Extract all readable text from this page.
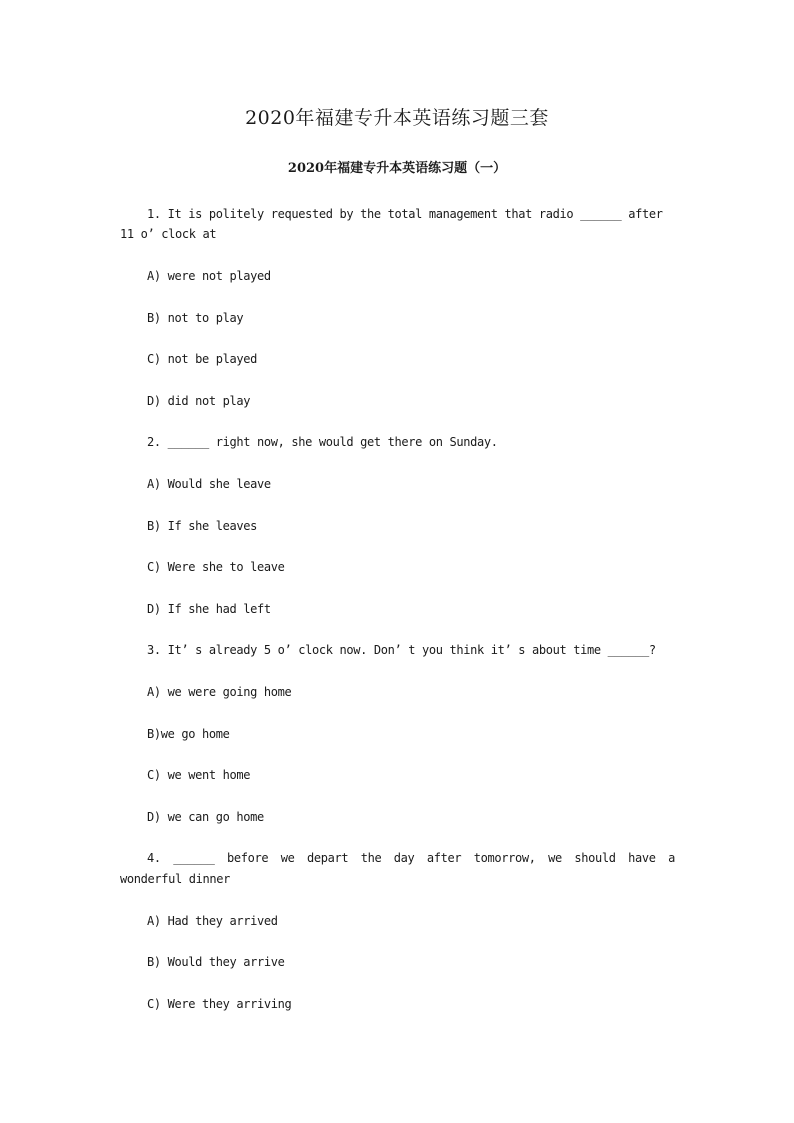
2020年福建专升本英语练习题三套
2020年福建专升本英语练习题（一）
1. It is politely requested by the total management that radio ______ after
11 o’ clock at
A) were not played
B) not to play
C) not be played
D) did not play
2. ______ right now, she would get there on Sunday.
A) Would she leave
B) If she leaves
C) Were she to leave
D) If she had left
3. It’ s already 5 o’ clock now. Don’ t you think it’ s about time ______?
A) we were going home
B)we go home
C) we went home
D) we can go home
4. ______ before we depart the day after tomorrow, we should have a
wonderful dinner
A) Had they arrived
B) Would they arrive
C) Were they arriving
